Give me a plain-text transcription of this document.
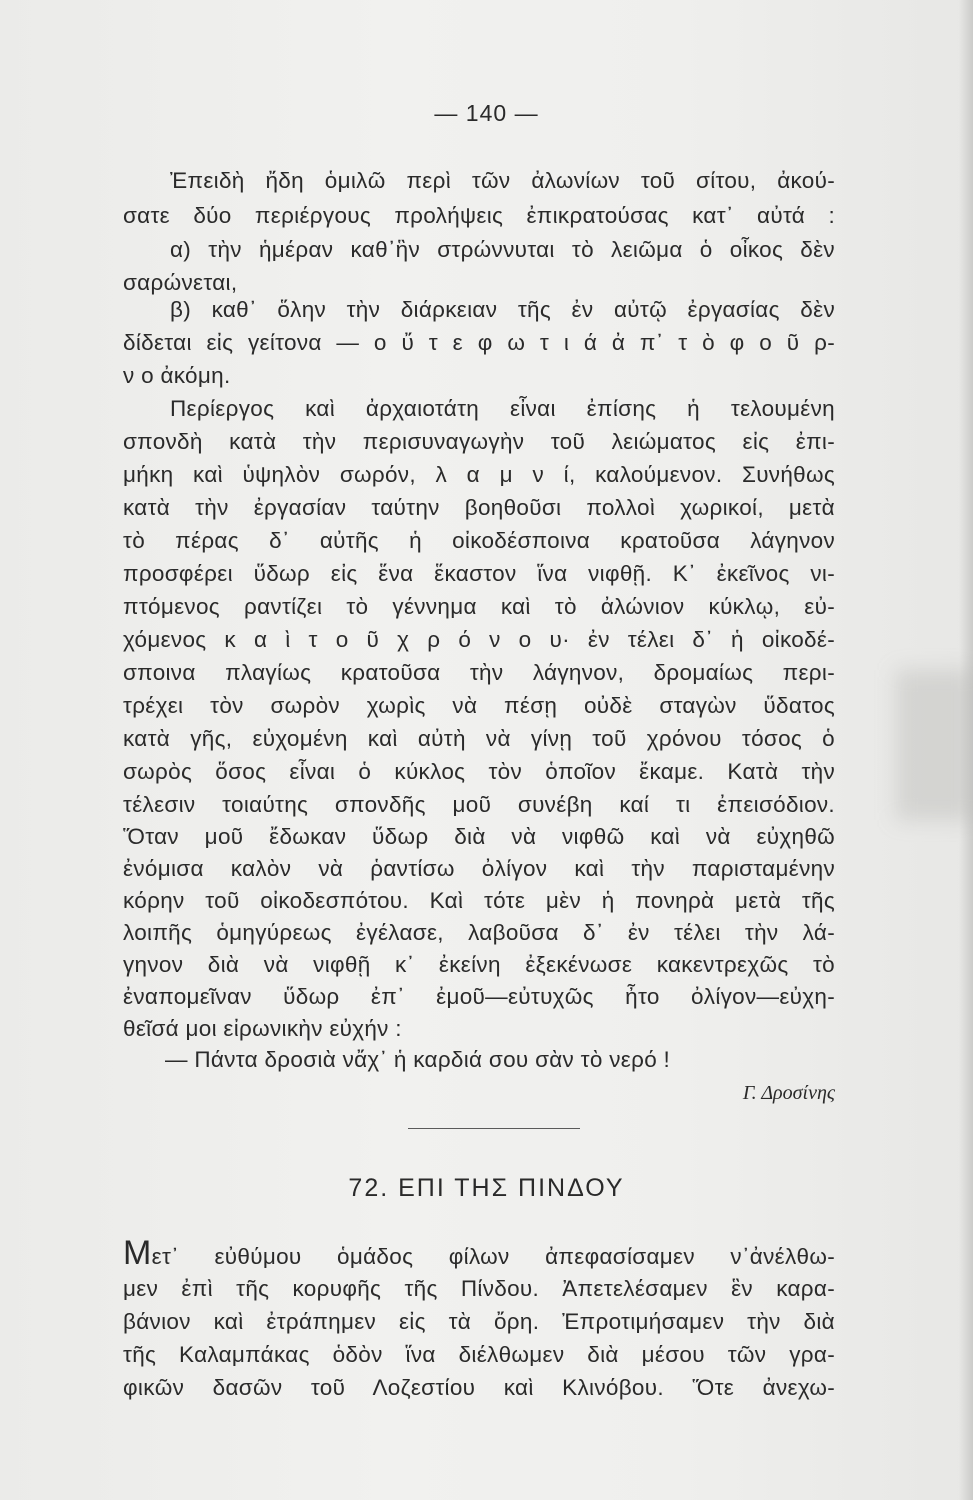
— 140 —
Ἐπειδὴ ἤδη ὁμιλῶ περὶ τῶν ἀλωνίων τοῦ σίτου, ἀκού-
σατε δύο περιέργους προλήψεις ἐπικρατούσας κατ᾽ αὐτά :
α) τὴν ἡμέραν καθ᾽ἣν στρώννυται τὸ λειῶμα ὁ οἶκος δὲν
σαρώνεται,
β) καθ᾽ ὅλην τὴν διάρκειαν τῆς ἐν αὐτῷ ἐργασίας δὲν
δίδεται εἰς γείτονα — ο ὔ τ ε φ ω τ ι ά ἀ π᾽ τ ὸ φ ο ῦ ρ-
ν ο ἀκόμη.
Περίεργος καὶ ἀρχαιοτάτη εἶναι ἐπίσης ἡ τελουμένη
σπονδὴ κατὰ τὴν περισυναγωγὴν τοῦ λειώματος εἰς ἐπι-
μήκη καὶ ὑψηλὸν σωρόν, λ α μ ν ί, καλούμενον. Συνήθως
κατὰ τὴν ἐργασίαν ταύτην βοηθοῦσι πολλοὶ χωρικοί, μετὰ
τὸ πέρας δ᾽ αὐτῆς ἡ οἰκοδέσποινα κρατοῦσα λάγηνον
προσφέρει ὕδωρ εἰς ἕνα ἕκαστον ἵνα νιφθῇ. Κ᾽ ἐκεῖνος νι-
πτόμενος ραντίζει τὸ γέννημα καὶ τὸ ἀλώνιον κύκλῳ, εὐ-
χόμενος κ α ὶ τ ο ῦ χ ρ ό ν ο υ· ἐν τέλει δ᾽ ἡ οἰκοδέ-
σποινα πλαγίως κρατοῦσα τὴν λάγηνον, δρομαίως περι-
τρέχει τὸν σωρὸν χωρὶς νὰ πέσῃ οὐδὲ σταγὼν ὕδατος
κατὰ γῆς, εὐχομένη καὶ αὐτὴ νὰ γίνῃ τοῦ χρόνου τόσος ὁ
σωρὸς ὅσος εἶναι ὁ κύκλος τὸν ὁποῖον ἔκαμε. Κατὰ τὴν
τέλεσιν τοιαύτης σπονδῆς μοῦ συνέβη καί τι ἐπεισόδιον.
Ὅταν μοῦ ἔδωκαν ὕδωρ διὰ νὰ νιφθῶ καὶ νὰ εὐχηθῶ
ἐνόμισα καλὸν νὰ ῥαντίσω ὀλίγον καὶ τὴν παρισταμένην
κόρην τοῦ οἰκοδεσπότου. Καὶ τότε μὲν ἡ πονηρὰ μετὰ τῆς
λοιπῆς ὁμηγύρεως ἐγέλασε, λαβοῦσα δ᾽ ἐν τέλει τὴν λά-
γηνον διὰ νὰ νιφθῇ κ᾽ ἐκείνη ἐξεκένωσε κακεντρεχῶς τὸ
ἐναπομεῖναν ὕδωρ ἐπ᾽ ἐμοῦ—εὐτυχῶς ἦτο ὀλίγον—εὐχη-
θεῖσά μοι εἰρωνικὴν εὐχήν :
— Πάντα δροσιὰ νἄχ᾽ ἡ καρδιά σου σὰν τὸ νερό !
Γ. Δροσίνης
72. ΕΠΙ ΤΗΣ ΠΙΝΔΟΥ
Μετ᾽ εὐθύμου ὁμάδος φίλων ἀπεφασίσαμεν ν᾽ἀνέλθω-
μεν ἐπὶ τῆς κορυφῆς τῆς Πίνδου. Ἀπετελέσαμεν ἓν καρα-
βάνιον καὶ ἐτράπημεν εἰς τὰ ὄρη. Ἐπροτιμήσαμεν τὴν διὰ
τῆς Καλαμπάκας ὁδὸν ἵνα διέλθωμεν διὰ μέσου τῶν γρα-
φικῶν δασῶν τοῦ Λοζεστίου καὶ Κλινόβου. Ὅτε ἀνεχω-
